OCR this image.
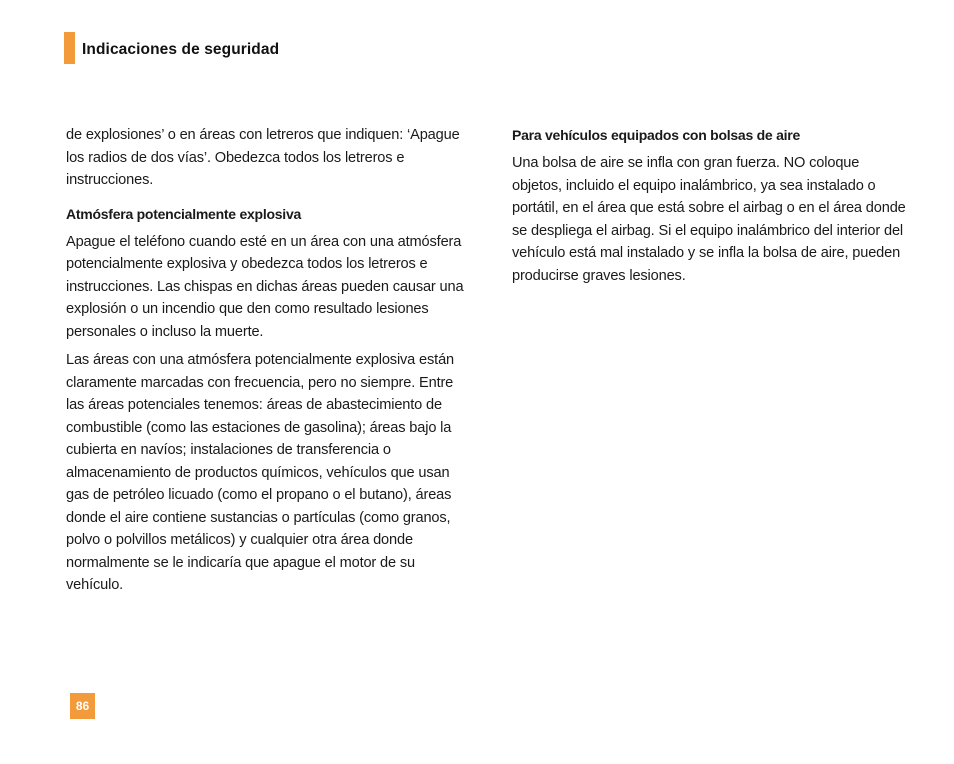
Indicaciones de seguridad

de explosiones’ o en áreas con letreros que indiquen: ‘Apague los radios de dos vías’. Obedezca todos los letreros e instrucciones.

Atmósfera potencialmente explosiva

Apague el teléfono cuando esté en un área con una atmósfera potencialmente explosiva y obedezca todos los letreros e instrucciones. Las chispas en dichas áreas pueden causar una explosión o un incendio que den como resultado lesiones personales o incluso la muerte.

Las áreas con una atmósfera potencialmente explosiva están claramente marcadas con frecuencia, pero no siempre. Entre las áreas potenciales tenemos: áreas de abastecimiento de combustible (como las estaciones de gasolina); áreas bajo la cubierta en navíos; instalaciones de transferencia o almacenamiento de productos químicos, vehículos que usan gas de petróleo licuado (como el propano o el butano), áreas donde el aire contiene sustancias o partículas (como granos, polvo o polvillos metálicos) y cualquier otra área donde normalmente se le indicaría que apague el motor de su vehículo.

Para vehículos equipados con bolsas de aire

Una bolsa de aire se infla con gran fuerza. NO coloque objetos, incluido el equipo inalámbrico, ya sea instalado o portátil, en el área que está sobre el airbag o en el área donde se despliega el airbag. Si el equipo inalámbrico del interior del vehículo está mal instalado y se infla la bolsa de aire, pueden producirse graves lesiones.

86
